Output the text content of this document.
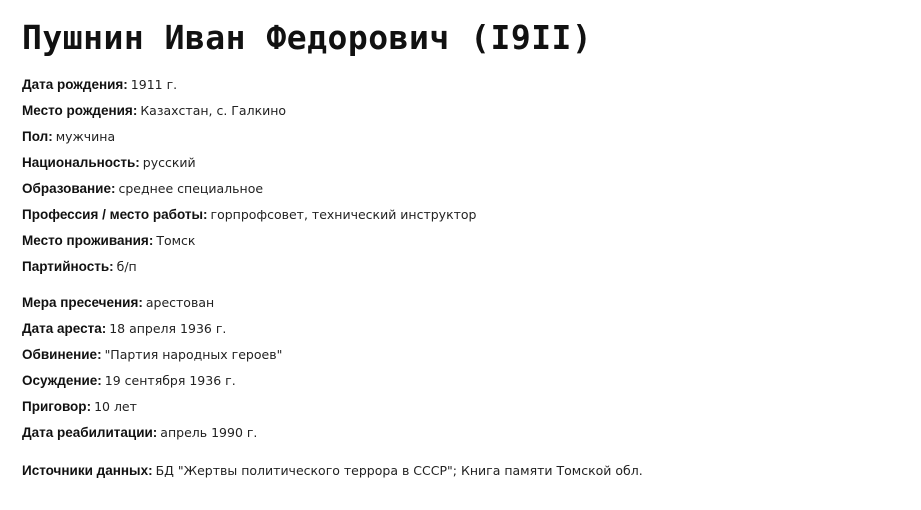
Пушнин Иван Федорович (I9II)
Дата рождения: 1911 г.
Место рождения: Казахстан, с. Галкино
Пол: мужчина
Национальность: русский
Образование: среднее специальное
Профессия / место работы: горпрофсовет, технический инструктор
Место проживания: Томск
Партийность: б/п
Мера пресечения: арестован
Дата ареста: 18 апреля 1936 г.
Обвинение: "Партия народных героев"
Осуждение: 19 сентября 1936 г.
Приговор: 10 лет
Дата реабилитации: апрель 1990 г.
Источники данных: БД "Жертвы политического террора в СССР"; Книга памяти Томской обл.
